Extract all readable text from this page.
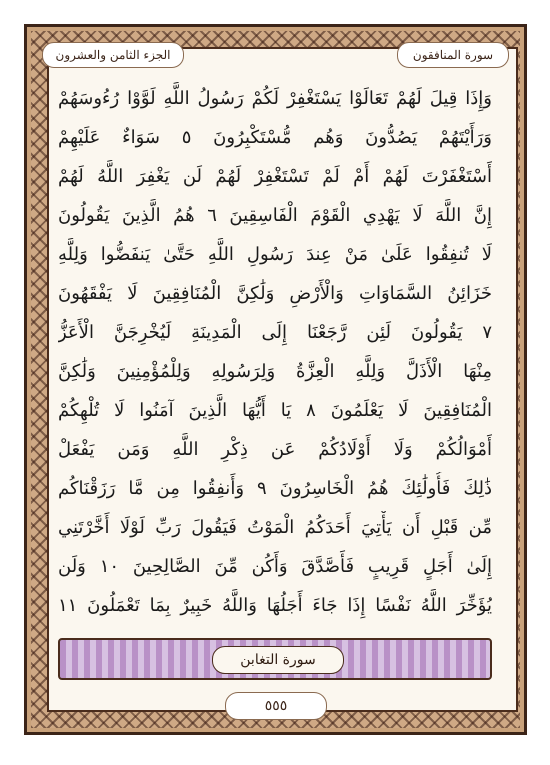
الجزء الثامن والعشرون	سورة المنافقون
وَإِذَا قِيلَ لَهُمْ تَعَالَوْا يَسْتَغْفِرْ لَكُمْ رَسُولُ اللَّهِ لَوَّوْا رُءُوسَهُمْ
وَرَأَيْتَهُمْ يَصُدُّونَ وَهُم مُّسْتَكْبِرُونَ ٥ سَوَاءٌ عَلَيْهِمْ
أَسْتَغْفَرْتَ لَهُمْ أَمْ لَمْ تَسْتَغْفِرْ لَهُمْ لَن يَغْفِرَ اللَّهُ لَهُمْ
إِنَّ اللَّهَ لَا يَهْدِي الْقَوْمَ الْفَاسِقِينَ ٦ هُمُ الَّذِينَ يَقُولُونَ
لَا تُنفِقُوا عَلَىٰ مَنْ عِندَ رَسُولِ اللَّهِ حَتَّىٰ يَنفَضُّوا وَلِلَّهِ
خَزَائِنُ السَّمَاوَاتِ وَالْأَرْضِ وَلَٰكِنَّ الْمُنَافِقِينَ لَا يَفْقَهُونَ
٧ يَقُولُونَ لَئِن رَّجَعْنَا إِلَى الْمَدِينَةِ لَيُخْرِجَنَّ الْأَعَزُّ
مِنْهَا الْأَذَلَّ وَلِلَّهِ الْعِزَّةُ وَلِرَسُولِهِ وَلِلْمُؤْمِنِينَ وَلَٰكِنَّ
الْمُنَافِقِينَ لَا يَعْلَمُونَ ٨ يَا أَيُّهَا الَّذِينَ آمَنُوا لَا تُلْهِكُمْ
أَمْوَالُكُمْ وَلَا أَوْلَادُكُمْ عَن ذِكْرِ اللَّهِ وَمَن يَفْعَلْ
ذَٰلِكَ فَأُولَٰئِكَ هُمُ الْخَاسِرُونَ ٩ وَأَنفِقُوا مِن مَّا رَزَقْنَاكُم
مِّن قَبْلِ أَن يَأْتِيَ أَحَدَكُمُ الْمَوْتُ فَيَقُولَ رَبِّ لَوْلَا أَخَّرْتَنِي
إِلَىٰ أَجَلٍ قَرِيبٍ فَأَصَّدَّقَ وَأَكُن مِّنَ الصَّالِحِينَ ١٠ وَلَن
يُؤَخِّرَ اللَّهُ نَفْسًا إِذَا جَاءَ أَجَلُهَا وَاللَّهُ خَبِيرٌ بِمَا تَعْمَلُونَ ١١
سورة التغابن
٥٥٥
